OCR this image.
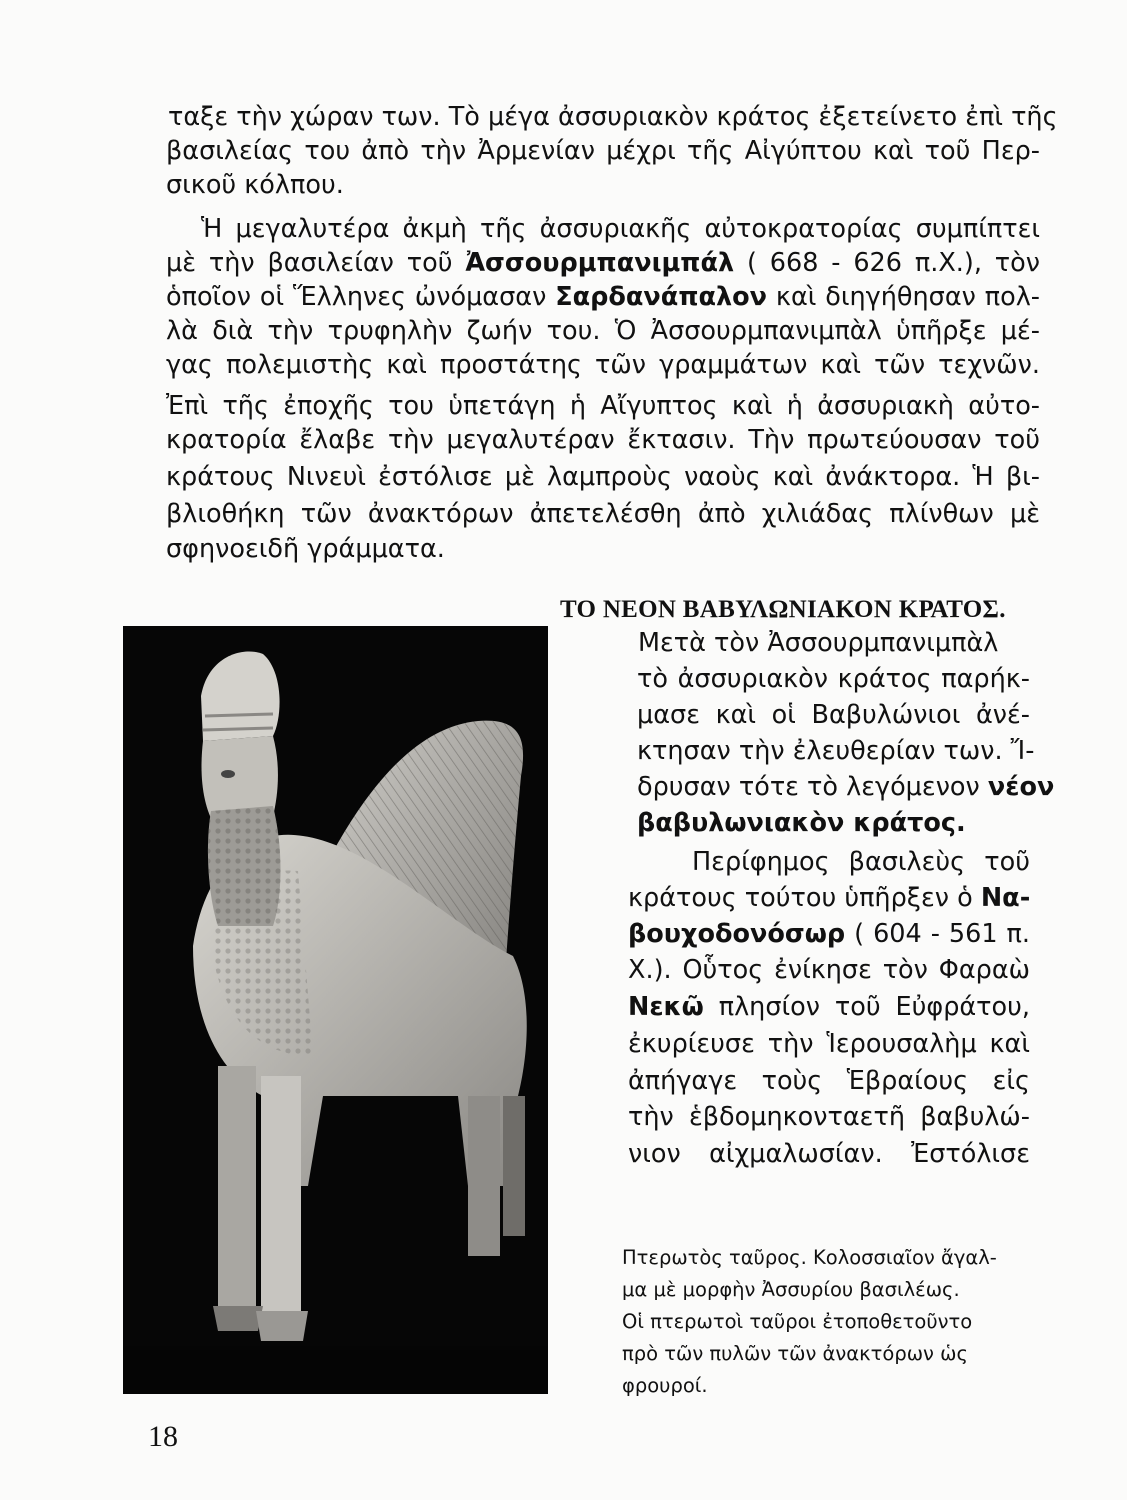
ταξε τὴν χώραν των. Τὸ μέγα ἀσσυριακὸν κράτος ἐξετείνετο ἐπὶ τῆς
βασιλείας του ἀπὸ τὴν Ἀρμενίαν μέχρι τῆς Αἰγύπτου καὶ τοῦ Περ-
σικοῦ κόλπου.
Ἡ μεγαλυτέρα ἀκμὴ τῆς ἀσσυριακῆς αὐτοκρατορίας συμπίπτει
μὲ τὴν βασιλείαν τοῦ Ἀσσουρμπανιμπάλ ( 668 - 626 π.Χ.), τὸν
ὁποῖον οἱ Ἕλληνες ὠνόμασαν Σαρδανάπαλον καὶ διηγήθησαν πολ-
λὰ διὰ τὴν τρυφηλὴν ζωήν του. Ὁ Ἀσσουρμπανιμπὰλ ὑπῆρξε μέ-
γας πολεμιστὴς καὶ προστάτης τῶν γραμμάτων καὶ τῶν τεχνῶν.
Ἐπὶ τῆς ἐποχῆς του ὑπετάγη ἡ Αἴγυπτος καὶ ἡ ἀσσυριακὴ αὐτο-
κρατορία ἔλαβε τὴν μεγαλυτέραν ἔκτασιν. Τὴν πρωτεύουσαν τοῦ
κράτους Νινευὶ ἐστόλισε μὲ λαμπροὺς ναοὺς καὶ ἀνάκτορα. Ἡ βι-
βλιοθήκη τῶν ἀνακτόρων ἀπετελέσθη ἀπὸ χιλιάδας πλίνθων μὲ
σφηνοειδῆ γράμματα.
ΤΟ ΝΕΟΝ ΒΑΒΥΛΩΝΙΑΚΟΝ ΚΡΑΤΟΣ.
Μετὰ τὸν Ἀσσουρμπανιμπὰλ
τὸ ἀσσυριακὸν κράτος παρήκ-
μασε καὶ οἱ Βαβυλώνιοι ἀνέ-
κτησαν τὴν ἐλευθερίαν των. Ἴ-
δρυσαν τότε τὸ λεγόμενον νέον
βαβυλωνιακὸν κράτος.
Περίφημος βασιλεὺς τοῦ
κράτους τούτου ὑπῆρξεν ὁ Να-
βουχοδονόσωρ ( 604 - 561 π.
Χ.). Οὗτος ἐνίκησε τὸν Φαραὼ
Νεκῶ πλησίον τοῦ Εὐφράτου,
ἐκυρίευσε τὴν Ἱερουσαλὴμ καὶ
ἀπήγαγε τοὺς Ἑβραίους εἰς
τὴν ἑβδομηκονταετῆ βαβυλώ-
νιον αἰχμαλωσίαν. Ἐστόλισε
Πτερωτὸς ταῦρος. Κολοσσιαῖον ἄγαλ-
μα μὲ μορφὴν Ἀσσυρίου βασιλέως.
Οἱ πτερωτοὶ ταῦροι ἐτοποθετοῦντο
πρὸ τῶν πυλῶν τῶν ἀνακτόρων ὡς
φρουροί.
18
